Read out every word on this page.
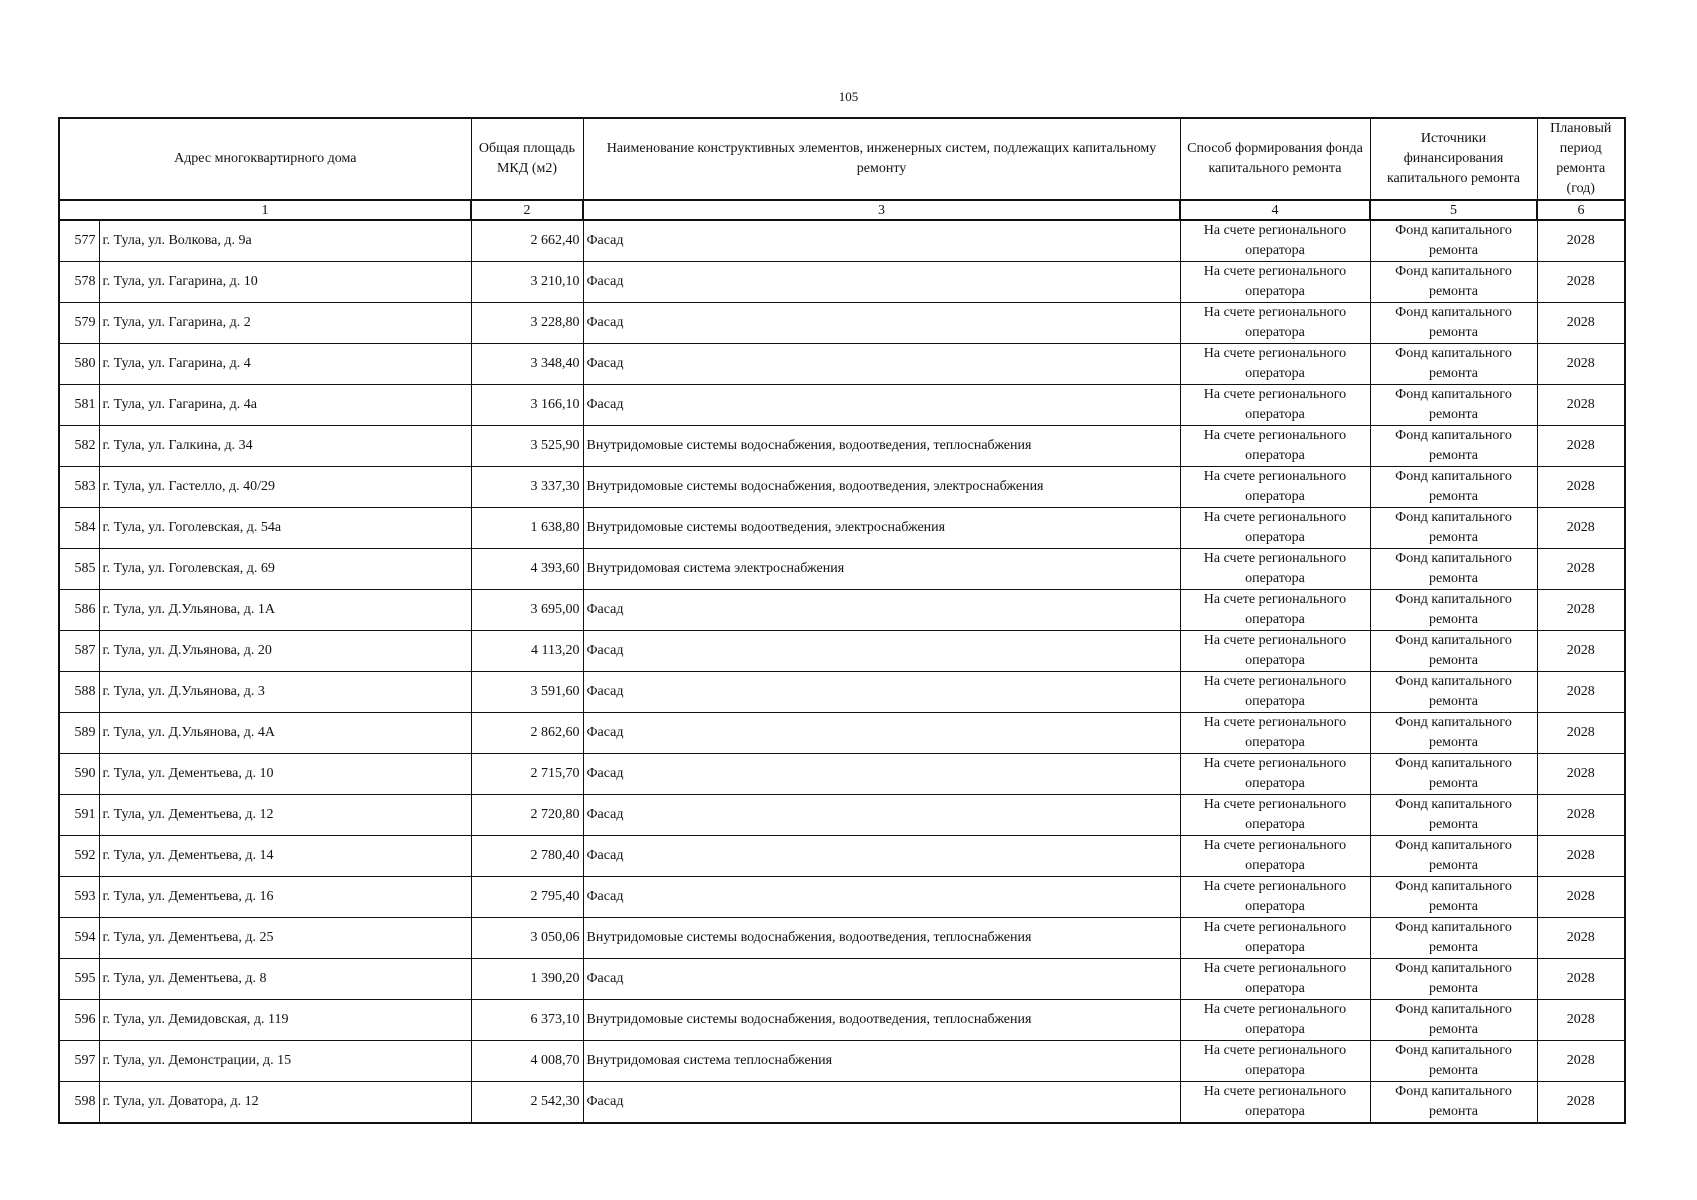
105
Адрес многоквартирного дома		Общая площадь МКД (м2)	Наименование конструктивных элементов, инженерных систем, подлежащих капитальному ремонту	Способ формирования фонда капитального ремонта	Источники финансирования капитального ремонта	Плановый период ремонта (год)
1		2	3	4	5	6
577	г. Тула, ул. Волкова, д. 9а	2 662,40	Фасад	На счете регионального оператора	Фонд капитального ремонта	2028
578	г. Тула, ул. Гагарина, д. 10	3 210,10	Фасад	На счете регионального оператора	Фонд капитального ремонта	2028
579	г. Тула, ул. Гагарина, д. 2	3 228,80	Фасад	На счете регионального оператора	Фонд капитального ремонта	2028
580	г. Тула, ул. Гагарина, д. 4	3 348,40	Фасад	На счете регионального оператора	Фонд капитального ремонта	2028
581	г. Тула, ул. Гагарина, д. 4а	3 166,10	Фасад	На счете регионального оператора	Фонд капитального ремонта	2028
582	г. Тула, ул. Галкина, д. 34	3 525,90	Внутридомовые системы водоснабжения, водоотведения, теплоснабжения	На счете регионального оператора	Фонд капитального ремонта	2028
583	г. Тула, ул. Гастелло, д. 40/29	3 337,30	Внутридомовые системы водоснабжения, водоотведения, электроснабжения	На счете регионального оператора	Фонд капитального ремонта	2028
584	г. Тула, ул. Гоголевская, д. 54а	1 638,80	Внутридомовые системы водоотведения, электроснабжения	На счете регионального оператора	Фонд капитального ремонта	2028
585	г. Тула, ул. Гоголевская, д. 69	4 393,60	Внутридомовая система электроснабжения	На счете регионального оператора	Фонд капитального ремонта	2028
586	г. Тула, ул. Д.Ульянова, д. 1А	3 695,00	Фасад	На счете регионального оператора	Фонд капитального ремонта	2028
587	г. Тула, ул. Д.Ульянова, д. 20	4 113,20	Фасад	На счете регионального оператора	Фонд капитального ремонта	2028
588	г. Тула, ул. Д.Ульянова, д. 3	3 591,60	Фасад	На счете регионального оператора	Фонд капитального ремонта	2028
589	г. Тула, ул. Д.Ульянова, д. 4А	2 862,60	Фасад	На счете регионального оператора	Фонд капитального ремонта	2028
590	г. Тула, ул. Дементьева, д. 10	2 715,70	Фасад	На счете регионального оператора	Фонд капитального ремонта	2028
591	г. Тула, ул. Дементьева, д. 12	2 720,80	Фасад	На счете регионального оператора	Фонд капитального ремонта	2028
592	г. Тула, ул. Дементьева, д. 14	2 780,40	Фасад	На счете регионального оператора	Фонд капитального ремонта	2028
593	г. Тула, ул. Дементьева, д. 16	2 795,40	Фасад	На счете регионального оператора	Фонд капитального ремонта	2028
594	г. Тула, ул. Дементьева, д. 25	3 050,06	Внутридомовые системы водоснабжения, водоотведения, теплоснабжения	На счете регионального оператора	Фонд капитального ремонта	2028
595	г. Тула, ул. Дементьева, д. 8	1 390,20	Фасад	На счете регионального оператора	Фонд капитального ремонта	2028
596	г. Тула, ул. Демидовская, д. 119	6 373,10	Внутридомовые системы водоснабжения, водоотведения, теплоснабжения	На счете регионального оператора	Фонд капитального ремонта	2028
597	г. Тула, ул. Демонстрации, д. 15	4 008,70	Внутридомовая система теплоснабжения	На счете регионального оператора	Фонд капитального ремонта	2028
598	г. Тула, ул. Доватора, д. 12	2 542,30	Фасад	На счете регионального оператора	Фонд капитального ремонта	2028
